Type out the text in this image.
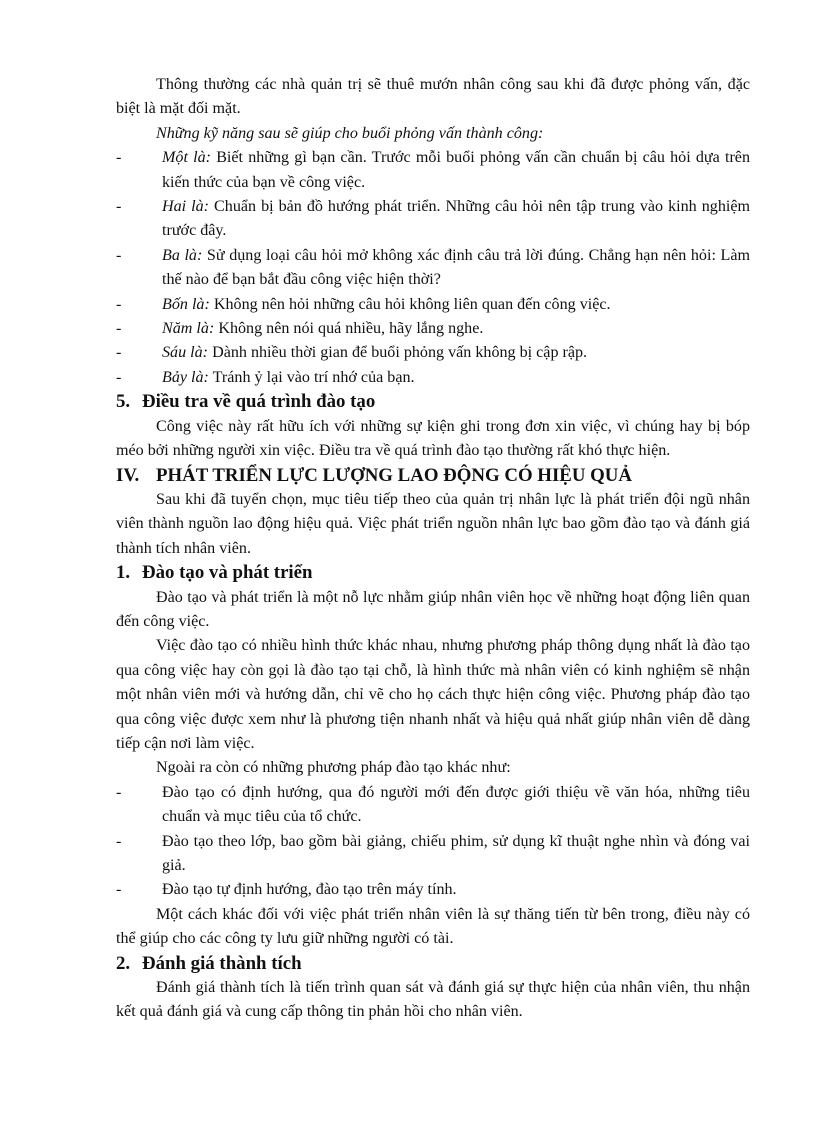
Thông thường các nhà quản trị sẽ thuê mướn nhân công sau khi đã được phỏng vấn, đặc biệt là mặt đối mặt.

Những kỹ năng sau sẽ giúp cho buổi phỏng vấn thành công:

-	Một là: Biết những gì bạn cần. Trước mỗi buổi phỏng vấn cần chuẩn bị câu hỏi dựa trên kiến thức của bạn về công việc.
-	Hai là: Chuẩn bị bản đồ hướng phát triển. Những câu hỏi nên tập trung vào kinh nghiệm trước đây.
-	Ba là: Sử dụng loại câu hỏi mở không xác định câu trả lời đúng. Chẳng hạn nên hỏi: Làm thế nào để bạn bắt đầu công việc hiện thời?
-	Bốn là: Không nên hỏi những câu hỏi không liên quan đến công việc.
-	Năm là: Không nên nói quá nhiều, hãy lắng nghe.
-	Sáu là: Dành nhiều thời gian để buổi phỏng vấn không bị cập rập.
-	Bảy là: Tránh ỷ lại vào trí nhớ của bạn.
5. Điều tra về quá trình đào tạo

Công việc này rất hữu ích với những sự kiện ghi trong đơn xin việc, vì chúng hay bị bóp méo bởi những người xin việc. Điều tra về quá trình đào tạo thường rất khó thực hiện.

IV. PHÁT TRIỂN LỰC LƯỢNG LAO ĐỘNG CÓ HIỆU QUẢ

Sau khi đã tuyển chọn, mục tiêu tiếp theo của quản trị nhân lực là phát triển đội ngũ nhân viên thành nguồn lao động hiệu quả. Việc phát triển nguồn nhân lực bao gồm đào tạo và đánh giá thành tích nhân viên.

1. Đào tạo và phát triển

Đào tạo và phát triển là một nỗ lực nhằm giúp nhân viên học về những hoạt động liên quan đến công việc.

Việc đào tạo có nhiều hình thức khác nhau, nhưng phương pháp thông dụng nhất là đào tạo qua công việc hay còn gọi là đào tạo tại chỗ, là hình thức mà nhân viên có kinh nghiệm sẽ nhận một nhân viên mới và hướng dẫn, chỉ vẽ cho họ cách thực hiện công việc. Phương pháp đào tạo qua công việc được xem như là phương tiện nhanh nhất và hiệu quả nhất giúp nhân viên dễ dàng tiếp cận nơi làm việc.

Ngoài ra còn có những phương pháp đào tạo khác như:

-	Đào tạo có định hướng, qua đó người mới đến được giới thiệu về văn hóa, những tiêu chuẩn và mục tiêu của tổ chức.
-	Đào tạo theo lớp, bao gồm bài giảng, chiếu phim, sử dụng kĩ thuật nghe nhìn và đóng vai giả.
-	Đào tạo tự định hướng, đào tạo trên máy tính.

Một cách khác đối với việc phát triển nhân viên là sự thăng tiến từ bên trong, điều này có thể giúp cho các công ty lưu giữ những người có tài.

2. Đánh giá thành tích

Đánh giá thành tích là tiến trình quan sát và đánh giá sự thực hiện của nhân viên, thu nhận kết quả đánh giá và cung cấp thông tin phản hồi cho nhân viên.
